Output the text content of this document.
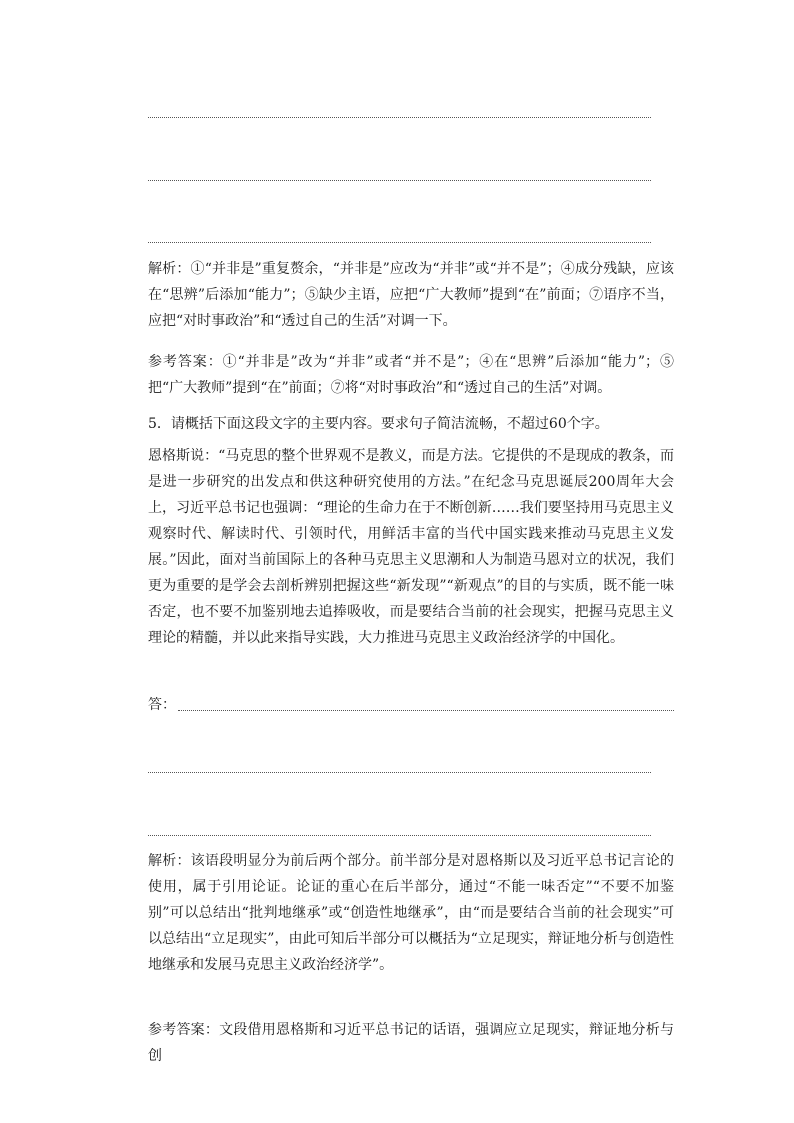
解析：①“并非是”重复赘余，“并非是”应改为“并非”或“并不是”；④成分残缺，应该在“思辨”后添加“能力”；⑤缺少主语，应把“广大教师”提到“在”前面；⑦语序不当，应把“对时事政治”和“透过自己的生活”对调一下。

参考答案：①“并非是”改为“并非”或者“并不是”；④在“思辨”后添加“能力”；⑤把“广大教师”提到“在”前面；⑦将“对时事政治”和“透过自己的生活”对调。

5．请概括下面这段文字的主要内容。要求句子简洁流畅，不超过60个字。

恩格斯说：“马克思的整个世界观不是教义，而是方法。它提供的不是现成的教条，而是进一步研究的出发点和供这种研究使用的方法。”在纪念马克思诞辰200周年大会上，习近平总书记也强调：“理论的生命力在于不断创新……我们要坚持用马克思主义观察时代、解读时代、引领时代，用鲜活丰富的当代中国实践来推动马克思主义发展。”因此，面对当前国际上的各种马克思主义思潮和人为制造马恩对立的状况，我们更为重要的是学会去剖析辨别把握这些“新发现”“新观点”的目的与实质，既不能一味否定，也不要不加鉴别地去追捧吸收，而是要结合当前的社会现实，把握马克思主义理论的精髓，并以此来指导实践，大力推进马克思主义政治经济学的中国化。

答：

解析：该语段明显分为前后两个部分。前半部分是对恩格斯以及习近平总书记言论的使用，属于引用论证。论证的重心在后半部分，通过“不能一味否定”“不要不加鉴别”可以总结出“批判地继承”或“创造性地继承”，由“而是要结合当前的社会现实”可以总结出“立足现实”，由此可知后半部分可以概括为“立足现实，辩证地分析与创造性地继承和发展马克思主义政治经济学”。

参考答案：文段借用恩格斯和习近平总书记的话语，强调应立足现实，辩证地分析与创
